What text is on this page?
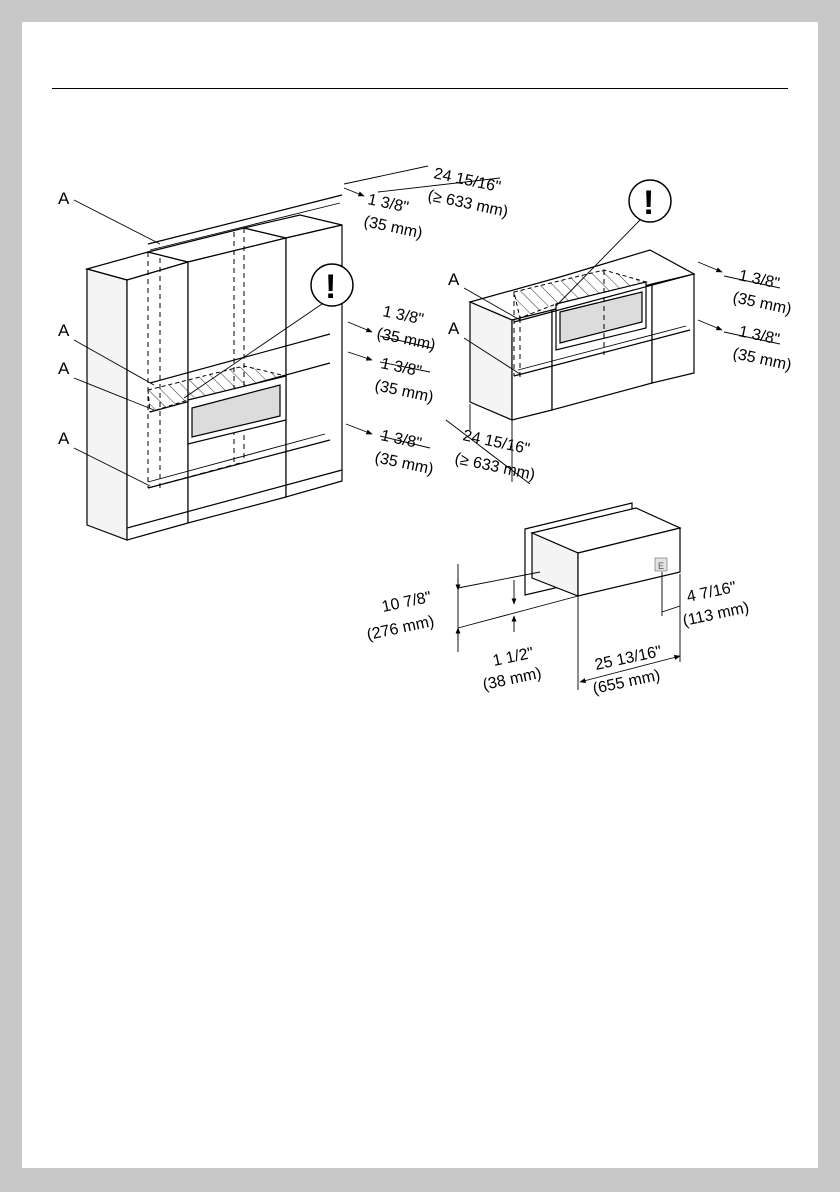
A
A
A
A
!
24 15/16"
(≥ 633 mm)
1 3/8"
(35 mm)
1 3/8"
(35 mm)
1 3/8"
(35 mm)
1 3/8"
(35 mm)
A
A
!
1 3/8"
(35 mm)
1 3/8"
(35 mm)
24 15/16"
(≥ 633 mm)
E
10 7/8"
(276 mm)
1 1/2"
(38 mm)
25 13/16"
(655 mm)
4 7/16"
(113 mm)
